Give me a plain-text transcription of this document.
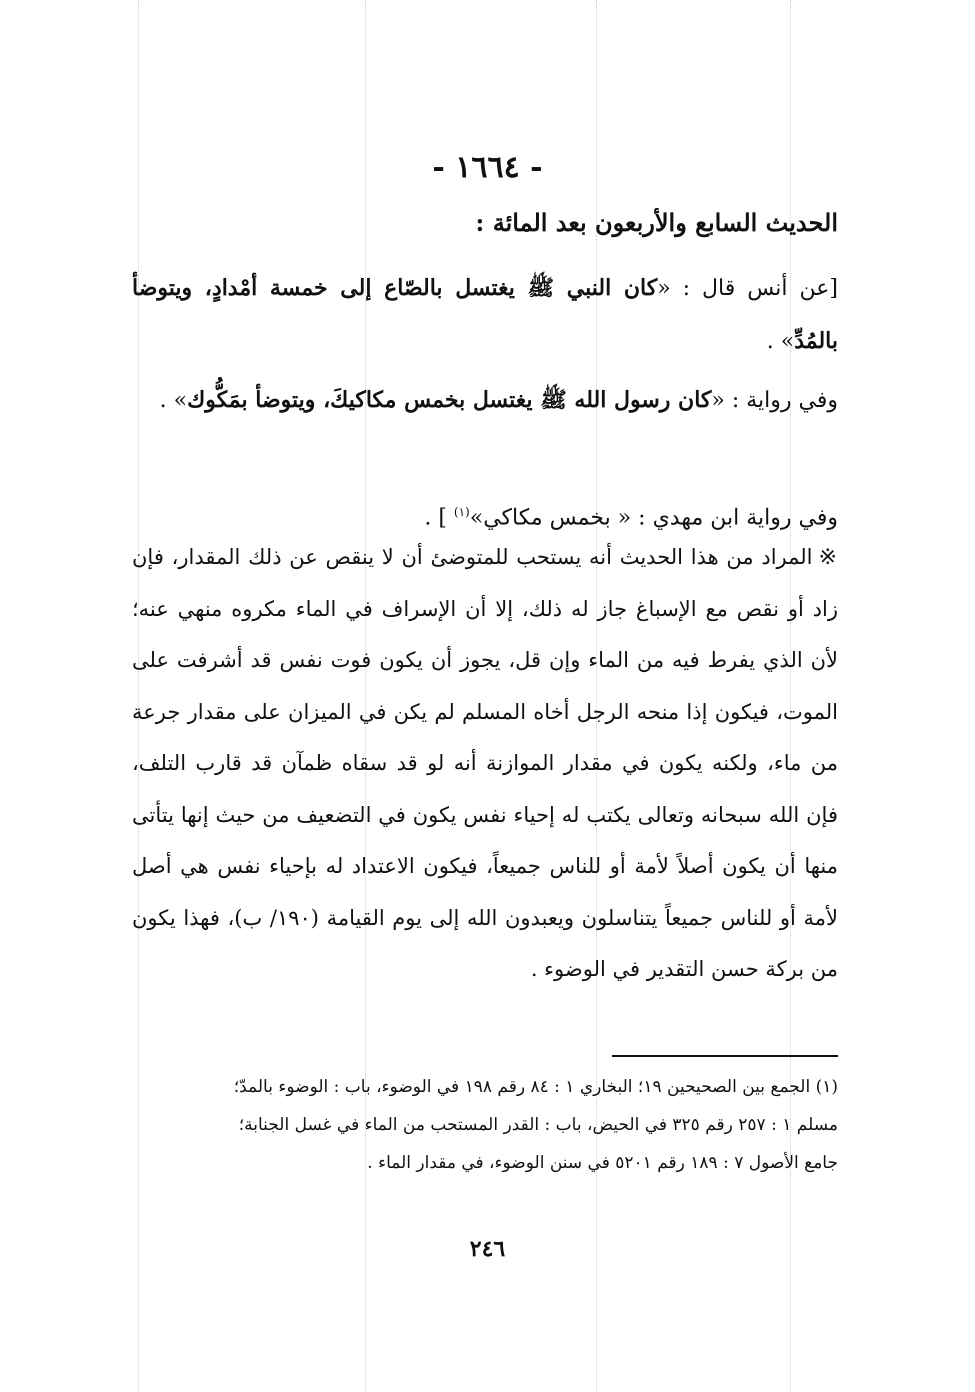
- ١٦٦٤ -
الحديث السابع والأربعون بعد المائة :
[عن أنس قال : «كان النبي ﷺ يغتسل بالصّاع إلى خمسة أمْدادٍ، ويتوضأ بالمُدِّ» .
وفي رواية : «كان رسول الله ﷺ يغتسل بخمس مكاكيكَ، ويتوضأ بمَكُّوك» .
وفي رواية ابن مهدي : « بخمس مكاكي»$^{(١)}$ ] .
※المراد من هذا الحديث أنه يستحب للمتوضئ أن لا ينقص عن ذلك المقدار، فإن زاد أو نقص مع الإسباغ جاز له ذلك، إلا أن الإسراف في الماء مكروه منهي عنه؛ لأن الذي يفرط فيه من الماء وإن قل، يجوز أن يكون فوت نفس قد أشرفت على الموت، فيكون إذا منحه الرجل أخاه المسلم لم يكن في الميزان على مقدار جرعة من ماء، ولكنه يكون في مقدار الموازنة أنه لو قد سقاه ظمآن قد قارب التلف، فإن الله سبحانه وتعالى يكتب له إحياء نفس يكون في التضعيف من حيث إنها يتأتى منها أن يكون أصلاً لأمة أو للناس جميعاً، فيكون الاعتداد له بإحياء نفس هي أصل لأمة أو للناس جميعاً يتناسلون ويعبدون الله إلى يوم القيامة (١٩٠/ ب)، فهذا يكون من بركة حسن التقدير في الوضوء .
(١) الجمع بين الصحيحين ١٩؛ البخاري ١ : ٨٤ رقم ١٩٨ في الوضوء، باب : الوضوء بالمدّ؛
مسلم ١ : ٢٥٧ رقم ٣٢٥ في الحيض، باب : القدر المستحب من الماء في غسل الجنابة؛
جامع الأصول ٧ : ١٨٩ رقم ٥٢٠١ في سنن الوضوء، في مقدار الماء .
٢٤٦
